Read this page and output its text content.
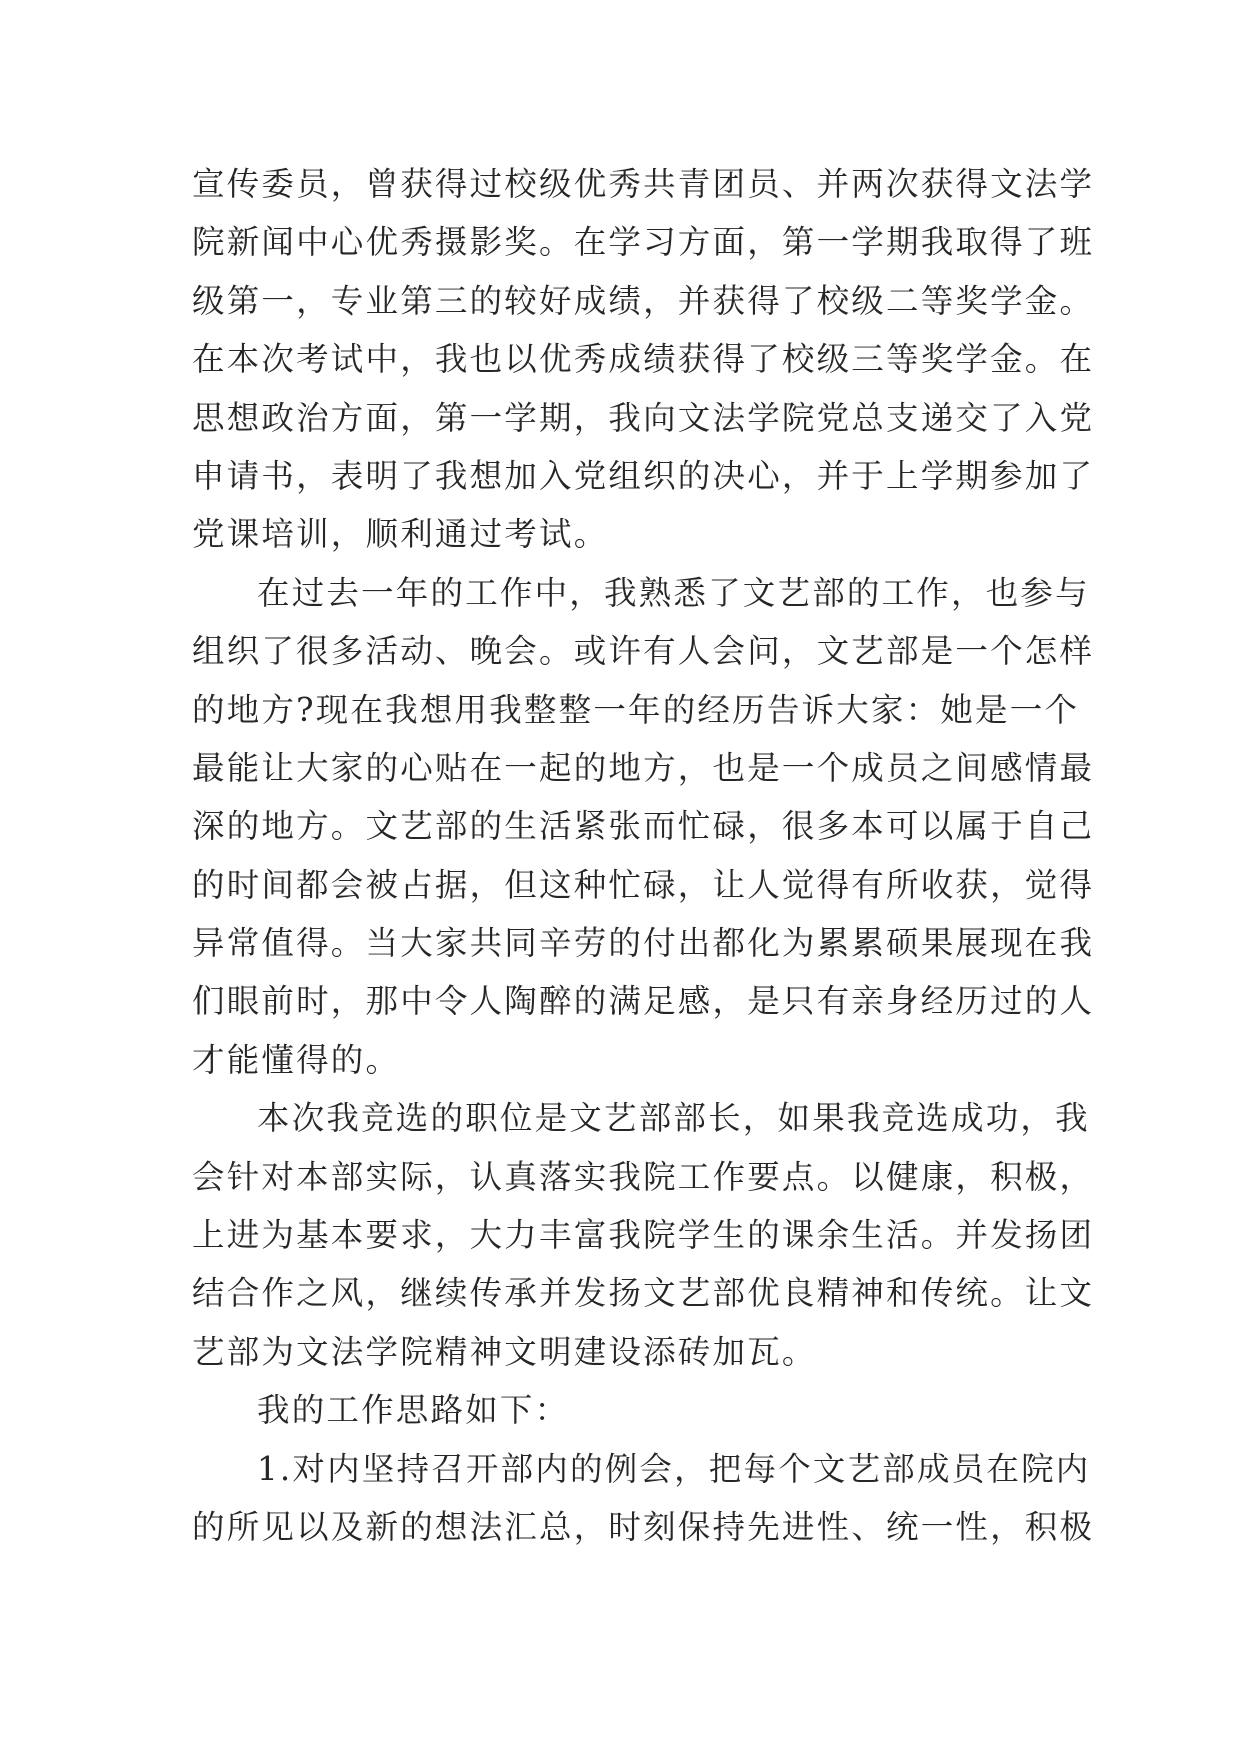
宣传委员，曾获得过校级优秀共青团员、并两次获得文法学
院新闻中心优秀摄影奖。在学习方面，第一学期我取得了班
级第一，专业第三的较好成绩，并获得了校级二等奖学金。
在本次考试中，我也以优秀成绩获得了校级三等奖学金。在
思想政治方面，第一学期，我向文法学院党总支递交了入党
申请书，表明了我想加入党组织的决心，并于上学期参加了
党课培训，顺利通过考试。
在过去一年的工作中，我熟悉了文艺部的工作，也参与
组织了很多活动、晚会。或许有人会问，文艺部是一个怎样
的地方?现在我想用我整整一年的经历告诉大家：她是一个
最能让大家的心贴在一起的地方，也是一个成员之间感情最
深的地方。文艺部的生活紧张而忙碌，很多本可以属于自己
的时间都会被占据，但这种忙碌，让人觉得有所收获，觉得
异常值得。当大家共同辛劳的付出都化为累累硕果展现在我
们眼前时，那中令人陶醉的满足感，是只有亲身经历过的人
才能懂得的。
本次我竞选的职位是文艺部部长，如果我竞选成功，我
会针对本部实际，认真落实我院工作要点。以健康，积极，
上进为基本要求，大力丰富我院学生的课余生活。并发扬团
结合作之风，继续传承并发扬文艺部优良精神和传统。让文
艺部为文法学院精神文明建设添砖加瓦。
我的工作思路如下：
1.对内坚持召开部内的例会，把每个文艺部成员在院内
的所见以及新的想法汇总，时刻保持先进性、统一性，积极
